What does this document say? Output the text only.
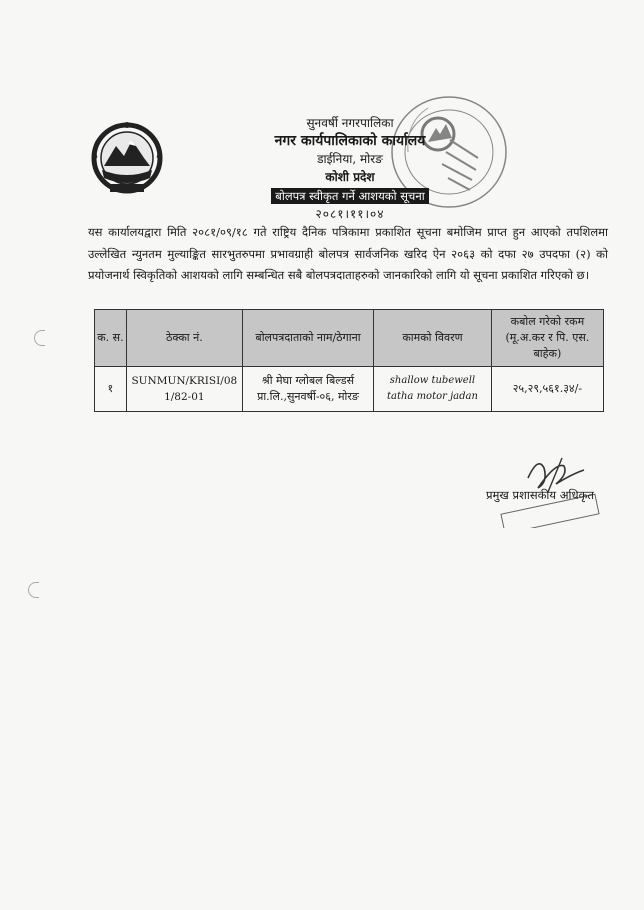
सुनवर्षी नगरपालिका
नगर कार्यपालिकाको कार्यालय
डाईनिया, मोरङ
कोशी प्रदेश
बोलपत्र स्वीकृत गर्ने आशयको सूचना
२०८१।११।०४
यस कार्यालयद्वारा मिति २०८१/०९/१८ गते राष्ट्रिय दैनिक पत्रिकामा प्रकाशित सूचना बमोजिम प्राप्त हुन आएको तपशिलमा उल्लेखित न्युनतम मुल्याङ्कित सारभुतरुपमा प्रभावग्राही बोलपत्र सार्वजनिक खरिद ऐन २०६३ को दफा २७ उपदफा (२) को प्रयोजनार्थ स्विकृतिको आशयको लागि सम्बन्धित सबै बोलपत्रदाताहरुको जानकारिको लागि यो सूचना प्रकाशित गरिएको छ।
क. स.	ठेक्का नं.	बोलपत्रदाताको नाम/ठेगाना	कामको विवरण	कबोल गरेको रकम (मू.अ.कर र पि. एस. बाहेक)
१	SUNMUN/KRISI/081/82-01	श्री मेघा ग्लोबल बिल्डर्स प्रा.लि.,सुनवर्षी-०६, मोरङ	shallow tubewell tatha motor jadan	२५,२९,५६१.३४/-
प्रमुख प्रशासकीय अधिकृत
